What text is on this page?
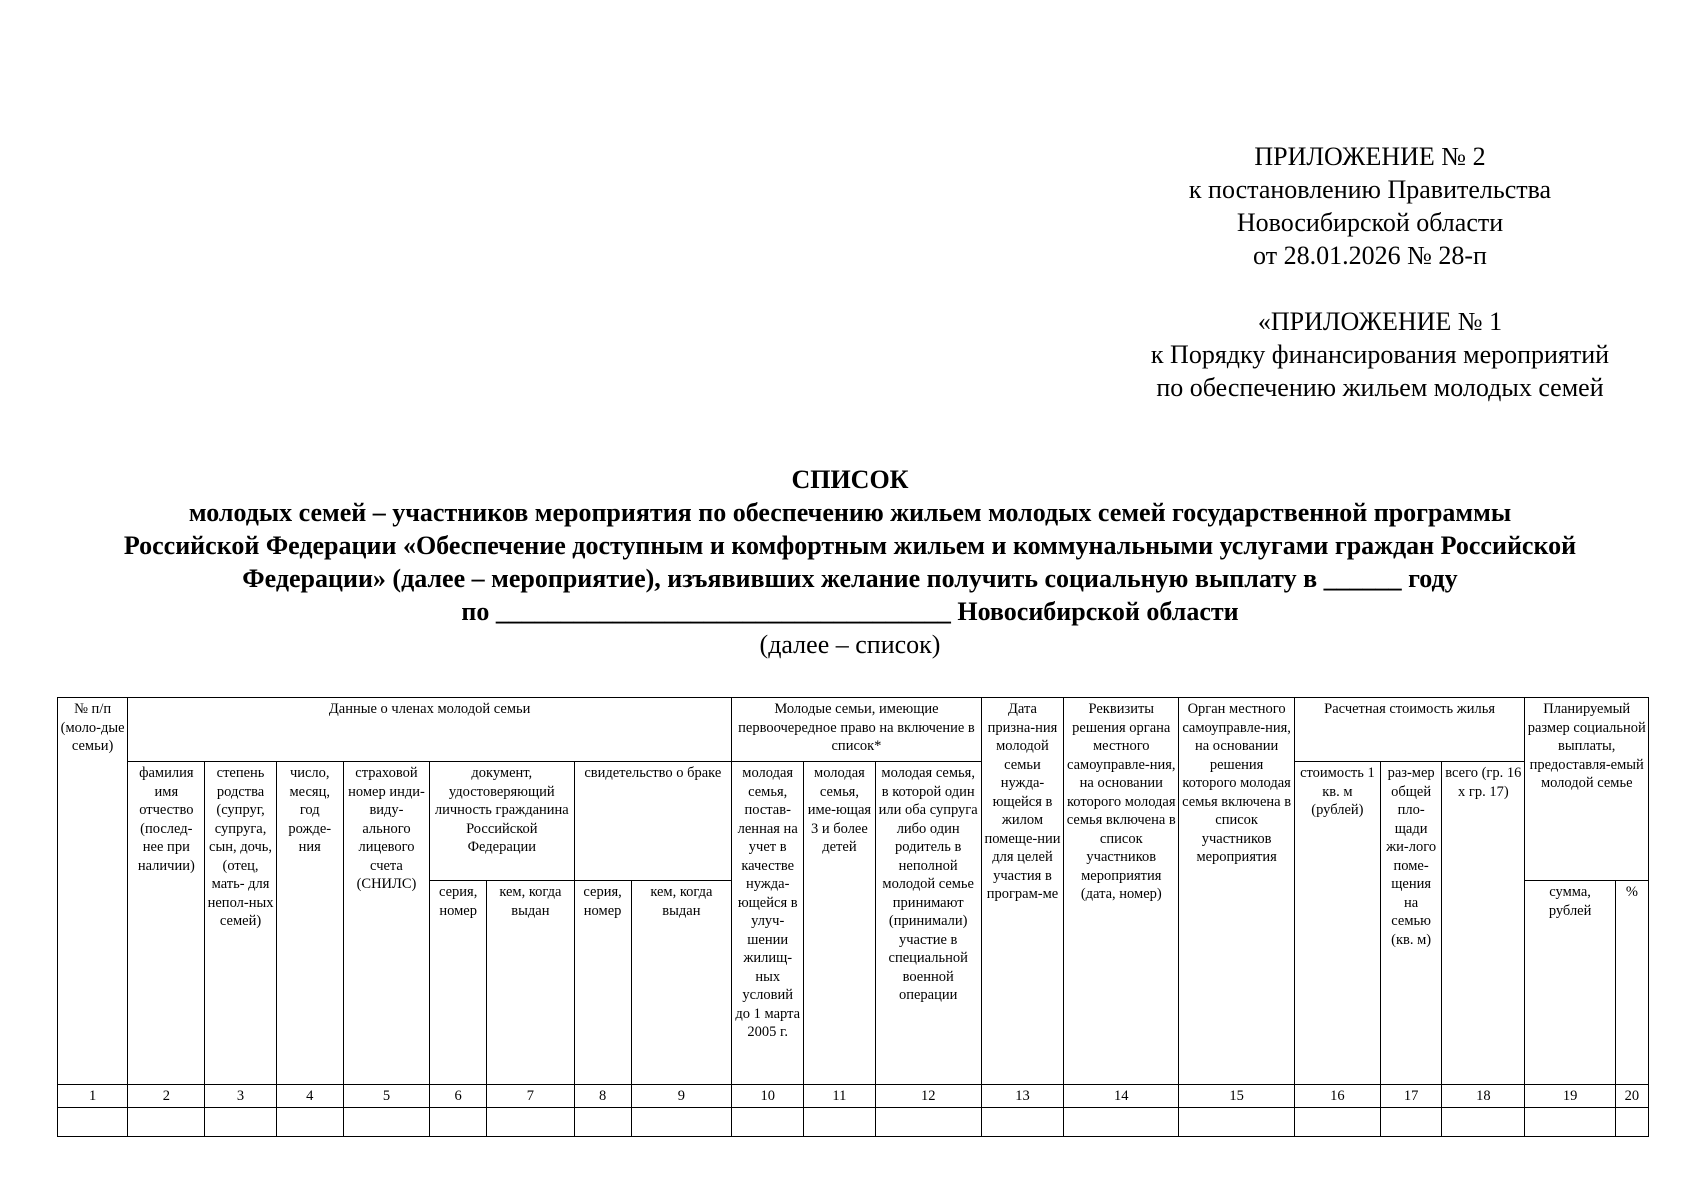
ПРИЛОЖЕНИЕ № 2
к постановлению Правительства
Новосибирской области
от 28.01.2026 № 28-п
«ПРИЛОЖЕНИЕ № 1
к Порядку финансирования мероприятий
по обеспечению жильем молодых семей
СПИСОК
молодых семей – участников мероприятия по обеспечению жильем молодых семей государственной программы
Российской Федерации «Обеспечение доступным и комфортным жильем и коммунальными услугами граждан Российской
Федерации» (далее – мероприятие), изъявивших желание получить социальную выплату в ______ году
по ___________________________________ Новосибирской области
(далее – список)
№ п/п (моло-дые семьи)	Данные о членах молодой семьи								Молодые семьи, имеющие первоочередное право на включение в список*			Дата призна-ния молодой семьи нужда-ющейся в жилом помеще-нии для целей участия в програм-ме	Реквизиты решения органа местного самоуправле-ния, на основании которого молодая семья включена в список участников мероприятия (дата, номер)	Орган местного самоуправле-ния, на основании решения которого молодая семья включена в список участников мероприятия	Расчетная стоимость жилья			Планируемый размер социальной выплаты, предоставля-емый молодой семье	
	фамилия имя отчество (послед-нее при наличии)	степень родства (супруг, супруга, сын, дочь, (отец, мать- для непол-ных семей)	число, месяц, год рожде-ния	страховой номер инди-виду-ального лицевого счета (СНИЛС)	документ, удостоверяющий личность гражданина Российской Федерации		свидетельство о браке		молодая семья, постав-ленная на учет в качестве нужда-ющейся в улуч-шении жилищ-ных условий до 1 марта 2005 г.	молодая семья, име-ющая 3 и более детей	молодая семья, в которой один или оба супруга либо один родитель в неполной молодой семье принимают (принимали) участие в специальной военной операции				стоимость 1 кв. м (рублей)	раз-мер общей пло-щади жи-лого поме-щения на семью (кв. м)	всего (гр. 16 х гр. 17)		
					серия, номер	кем, когда выдан	серия, номер	кем, когда выдан										сумма, рублей	%
1	2	3	4	5	6	7	8	9	10	11	12	13	14	15	16	17	18	19	20
